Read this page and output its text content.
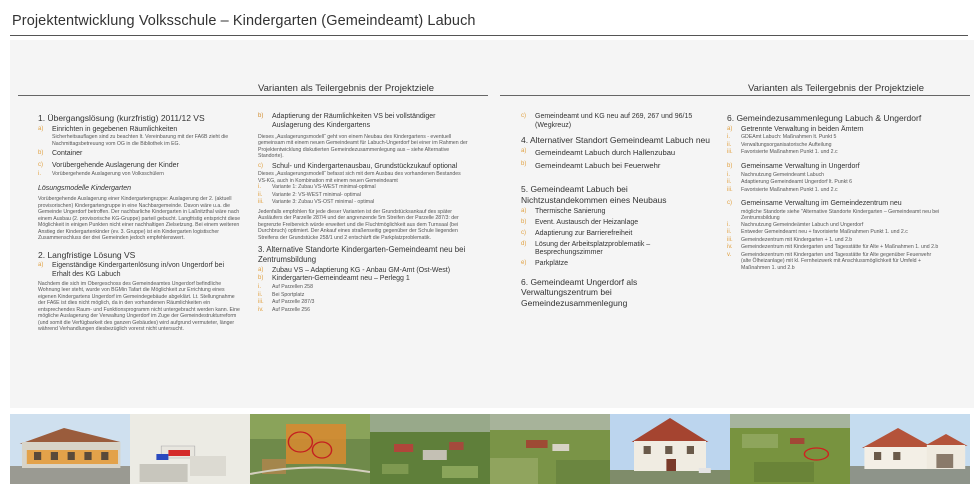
Projektentwicklung Volksschule – Kindergarten (Gemeindeamt) Labuch
Varianten als Teilergebnis der Projektziele
1. Übergangslösung (kurzfristig) 2011/12 VS
a)	Einrichten in gegebenen Räumlichkeiten
Sicherheitsauflagen sind zu beachten lt. Vereinbarung mit der FA6B zieht die Nachmittagsbetreuung vom OG in die Bibliothek im EG.
b)	Container
c)	Vorübergehende Auslagerung der Kinder
i.	Vorübergehende Auslagerung von Volksschülern
Lösungsmodelle Kindergarten
Vorübergehende Auslagerung einer Kindergartengruppe: Auslagerung der 2. (aktuell provisorischen) Kindergartengruppe in eine Nachbargemeinde. Davon wäre u.a. die Gemeinde Ungerdorf betroffen. Der nachbarliche Kindergarten in Laßnitzthal wäre nach einem Ausbau (2. provisorische KG-Gruppe) parteil gebucht. Langfristig entspricht diese Möglichkeit in einigen Punkten nicht einer nachhaltigen Zielsetzung. Bei einem weiteren Anstieg der Kindergartenkinder (ev. 3. Gruppe) ist ein Kindergarten logistischer Zusammenschluss der drei Gemeinden jedoch empfehlenswert.
2. Langfristige Lösung VS
a)	Eigenständige Kindergartenlösung in/von Ungerdorf bei Erhalt des KG Labuch
Nachdem die sich im Obergeschoss des Gemeindeamtes Ungerdorf befindliche Wohnung leer steht, wurde von BGMin Tafart die Möglichkeit zur Errichtung eines eigenen Kindergartens Ungerdorf im Gemeindegebäude abgeklärt. Lt. Stellungnahme der FA6E ist dies nicht möglich, da in den vorhandenen Räumlichkeiten ein entsprechendes Raum- und Funktionsprogramm nicht untergebracht werden kann. Eine mögliche Auslagerung der Verwaltung Ungerdorf im Zuge der Gemeindestrukturreform (und somit die Verfügbarkeit des ganzen Gebäudes) wird aufgrund vermuteter, länger während Verhandlungen diesbezüglich vorerst nicht untersucht.
b)	Adaptierung der Räumlichkeiten VS bei vollständiger Auslagerung des Kindergartens
Dieses „Auslagerungsmodell“ geht von einem Neubau des Kindergartens - eventuell gemeinsam mit einem neuen Gemeindeamt für Labuch-Ungerdorf bei einer im Rahmen der Projektentwicklung diskutierten Gemeindezusammenlegung aus – siehe Alternative Standorte).
c)	Schul- und Kindergartenausbau, Grundstückzukauf optional
Dieses „Auslagerungsmodell“ befasst sich mit dem Ausbau des vorhandenen Bestandes VS-KG, auch in Kombination mit einem neuen Gemeindeamt
i.	Variante 1: Zubau VS-WEST minimal-optimal
ii.	Variante 2: VS-WEST minimal- optimal
iii.	Variante 3: Zubau VS-OST minimal - optimal
Jedenfalls empfohlen für jede dieser Varianten ist der Grundstücksankauf des später Ausläufers der Parzelle 287/4 und der angrenzende 5m Streifen der Parzelle 287/3: der begrenzte Freibereich würde erweitert und die Fluchtmöglichkeit aus dem Turnsaal (bei Durchbruch) optimiert. Der Ankauf eines straßenseitig gegenüber der Schule liegenden Streifens der Grundstücke 258/1 und 2 entschärft die Parkplatzproblematik.
3. Alternative Standorte Kindergarten-Gemeindeamt neu bei Zentrumsbildung
a)	Zubau VS – Adaptierung KG - Anbau GM-Amt (Ost-West)
b)	Kindergarten-Gemeindeamt neu – Perlegg 1
i.	Auf Parzellen 258
ii.	Bei Sportplatz
iii.	Auf Parzelle 287/3
iv.	Auf Parzelle 256
Varianten als Teilergebnis der Projektziele
c)	Gemeindeamt und KG neu auf 269, 267 und 96/15 (Wegkreuz)
4. Alternativer Standort Gemeindeamt Labuch neu
a)	Gemeindeamt Labuch durch Hallenzubau
b)	Gemeindeamt Labuch bei Feuerwehr
5. Gemeindeamt Labuch bei Nichtzustandekommen eines Neubaus
a)	Thermische Sanierung
b)	Event. Austausch der Heizanlage
c)	Adaptierung zur Barrierefreiheit
d)	Lösung der Arbeitsplatzproblematik – Besprechungszimmer
e)	Parkplätze
6. Gemeindeamt Ungerdorf als Verwaltungszentrum bei Gemeindezusammenlegung
6. Gemeindezusammenlegung Labuch & Ungerdorf
a)	Getrennte Verwaltung in beiden Ämtern
i.	GDEAmt Labuch: Maßnahmen lt. Punkt 5
ii.	Verwaltungsorganisatorische Aufteilung
iii.	Favorisierte Maßnahmen Punkt 1. und 2.c
b)	Gemeinsame Verwaltung in Ungerdorf
i.	Nachnutzung Gemeindeamt Labuch
ii.	Adaptierung Gemeindeamt Ungerdorf lt. Punkt 6
iii.	Favorisierte Maßnahmen Punkt 1. und 2.c
c)	Gemeinsame Verwaltung im Gemeindezentrum neu
mögliche Standorte siehe "Alternative Standorte Kindergarten – Gemeindeamt neu bei Zentrumsbildung
i.	Nachnutzung Gemeindeämter Labuch und Ungerdorf
ii.	Entweder Gemeindeamt neu + favorisierte Maßnahmen Punkt 1. und 2.c
iii.	Gemeindezentrum mit Kindergarten + 1. und 2.b
iv.	Gemeindezentrum mit Kindergarten und Tagesstätte für Alte + Maßnahmen 1. und 2.b
v.	Gemeindezentrum mit Kindergarten und Tagesstätte für Alte gegenüber Feuerwehr (alte Ölheizanlage) mit kl. Fernheizwerk mit Anschlussmöglichkeit für Umfeld + Maßnahmen 1. und 2.b
